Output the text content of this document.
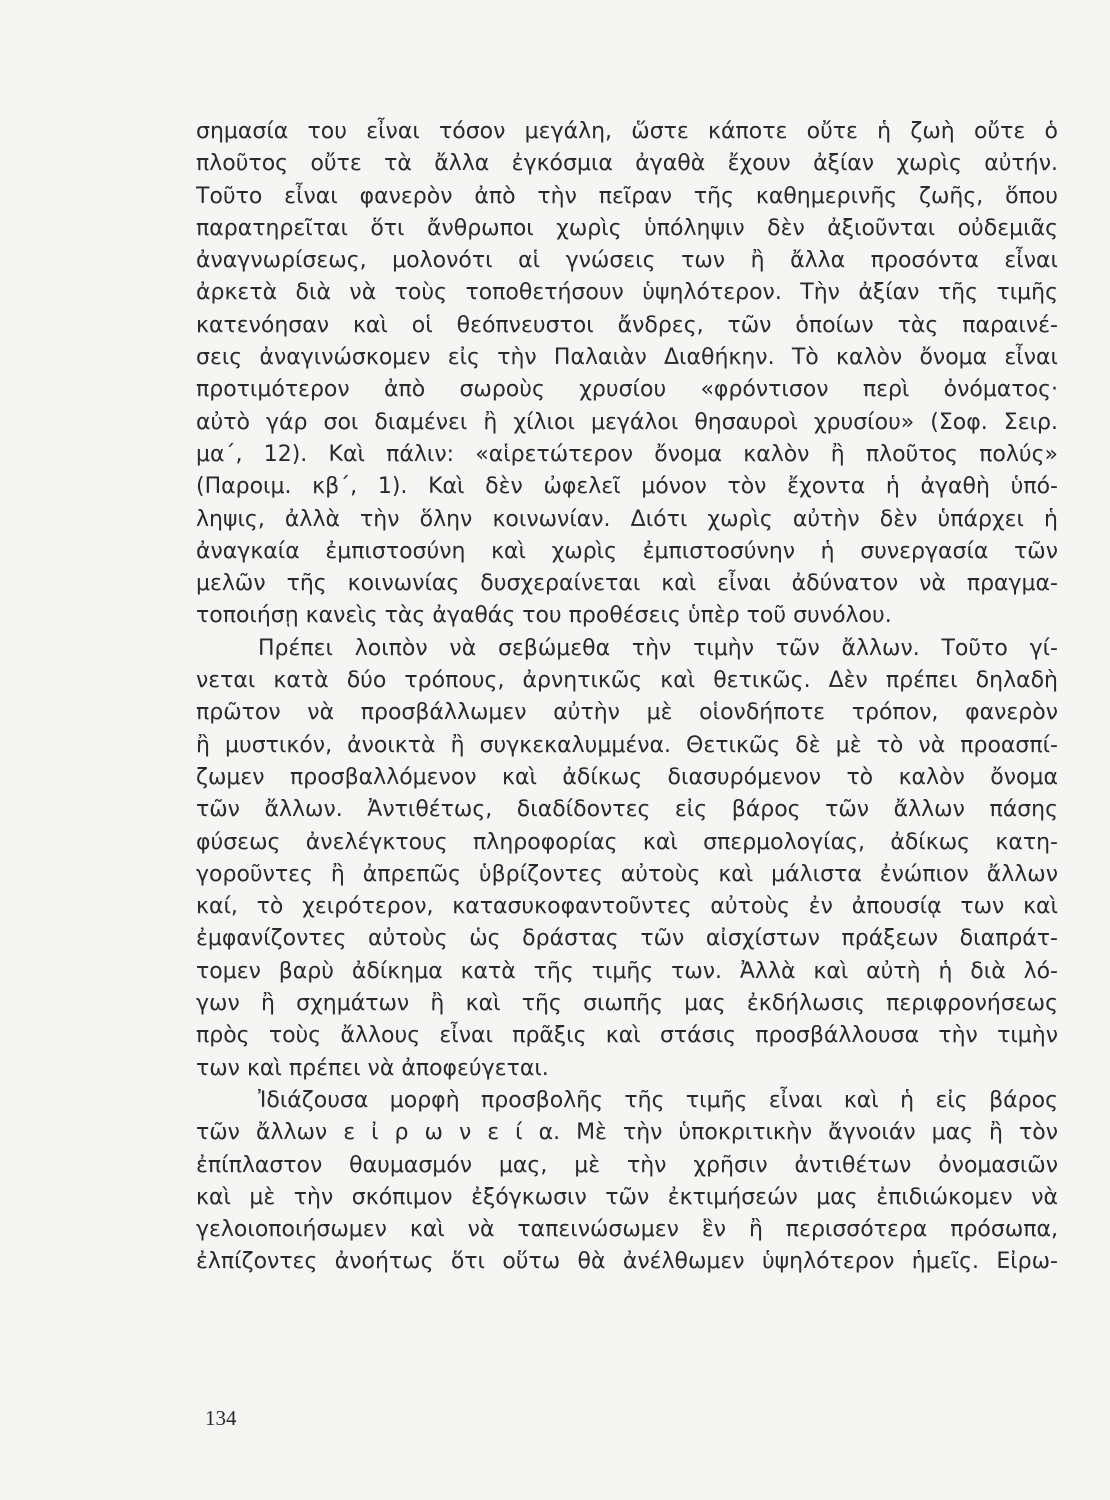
σημασία του εἶναι τόσον μεγάλη, ὥστε κάποτε οὔτε ἡ ζωὴ οὔτε ὁ
πλοῦτος οὔτε τὰ ἄλλα ἐγκόσμια ἀγαθὰ ἔχουν ἀξίαν χωρὶς αὐτήν.
Τοῦτο εἶναι φανερὸν ἀπὸ τὴν πεῖραν τῆς καθημερινῆς ζωῆς, ὅπου
παρατηρεῖται ὅτι ἄνθρωποι χωρὶς ὑπόληψιν δὲν ἀξιοῦνται οὐδεμιᾶς
ἀναγνωρίσεως, μολονότι αἱ γνώσεις των ἢ ἄλλα προσόντα εἶναι
ἀρκετὰ διὰ νὰ τοὺς τοποθετήσουν ὑψηλότερον. Τὴν ἀξίαν τῆς τιμῆς
κατενόησαν καὶ οἱ θεόπνευστοι ἄνδρες, τῶν ὁποίων τὰς παραινέ-
σεις ἀναγινώσκομεν εἰς τὴν Παλαιὰν Διαθήκην. Τὸ καλὸν ὄνομα εἶναι
προτιμότερον ἀπὸ σωροὺς χρυσίου «φρόντισον περὶ ὀνόματος·
αὐτὸ γάρ σοι διαμένει ἢ χίλιοι μεγάλοι θησαυροὶ χρυσίου» (Σοφ. Σειρ.
μα΄, 12). Καὶ πάλιν: «αἱρετώτερον ὄνομα καλὸν ἢ πλοῦτος πολύς»
(Παροιμ. κβ΄, 1). Καὶ δὲν ὠφελεῖ μόνον τὸν ἔχοντα ἡ ἀγαθὴ ὑπό-
ληψις, ἀλλὰ τὴν ὅλην κοινωνίαν. Διότι χωρὶς αὐτὴν δὲν ὑπάρχει ἡ
ἀναγκαία ἐμπιστοσύνη καὶ χωρὶς ἐμπιστοσύνην ἡ συνεργασία τῶν
μελῶν τῆς κοινωνίας δυσχεραίνεται καὶ εἶναι ἀδύνατον νὰ πραγμα-
τοποιήσῃ κανεὶς τὰς ἀγαθάς του προθέσεις ὑπὲρ τοῦ συνόλου.
Πρέπει λοιπὸν νὰ σεβώμεθα τὴν τιμὴν τῶν ἄλλων. Τοῦτο γί-
νεται κατὰ δύο τρόπους, ἀρνητικῶς καὶ θετικῶς. Δὲν πρέπει δηλαδὴ
πρῶτον νὰ προσβάλλωμεν αὐτὴν μὲ οἱονδήποτε τρόπον, φανερὸν
ἢ μυστικόν, ἀνοικτὰ ἢ συγκεκαλυμμένα. Θετικῶς δὲ μὲ τὸ νὰ προασπί-
ζωμεν προσβαλλόμενον καὶ ἀδίκως διασυρόμενον τὸ καλὸν ὄνομα
τῶν ἄλλων. Ἀντιθέτως, διαδίδοντες εἰς βάρος τῶν ἄλλων πάσης
φύσεως ἀνελέγκτους πληροφορίας καὶ σπερμολογίας, ἀδίκως κατη-
γοροῦντες ἢ ἀπρεπῶς ὑβρίζοντες αὐτοὺς καὶ μάλιστα ἐνώπιον ἄλλων
καί, τὸ χειρότερον, κατασυκοφαντοῦντες αὐτοὺς ἐν ἀπουσίᾳ των καὶ
ἐμφανίζοντες αὐτοὺς ὡς δράστας τῶν αἰσχίστων πράξεων διαπράτ-
τομεν βαρὺ ἀδίκημα κατὰ τῆς τιμῆς των. Ἀλλὰ καὶ αὐτὴ ἡ διὰ λό-
γων ἢ σχημάτων ἢ καὶ τῆς σιωπῆς μας ἐκδήλωσις περιφρονήσεως
πρὸς τοὺς ἄλλους εἶναι πρᾶξις καὶ στάσις προσβάλλουσα τὴν τιμὴν
των καὶ πρέπει νὰ ἀποφεύγεται.
Ἰδιάζουσα μορφὴ προσβολῆς τῆς τιμῆς εἶναι καὶ ἡ εἰς βάρος
τῶν ἄλλων ε ἰ ρ ω ν ε ί α. Μὲ τὴν ὑποκριτικὴν ἄγνοιάν μας ἢ τὸν
ἐπίπλαστον θαυμασμόν μας, μὲ τὴν χρῆσιν ἀντιθέτων ὀνομασιῶν
καὶ μὲ τὴν σκόπιμον ἐξόγκωσιν τῶν ἐκτιμήσεών μας ἐπιδιώκομεν νὰ
γελοιοποιήσωμεν καὶ νὰ ταπεινώσωμεν ἓν ἢ περισσότερα πρόσωπα,
ἐλπίζοντες ἀνοήτως ὅτι οὕτω θὰ ἀνέλθωμεν ὑψηλότερον ἡμεῖς. Εἰρω-
134
